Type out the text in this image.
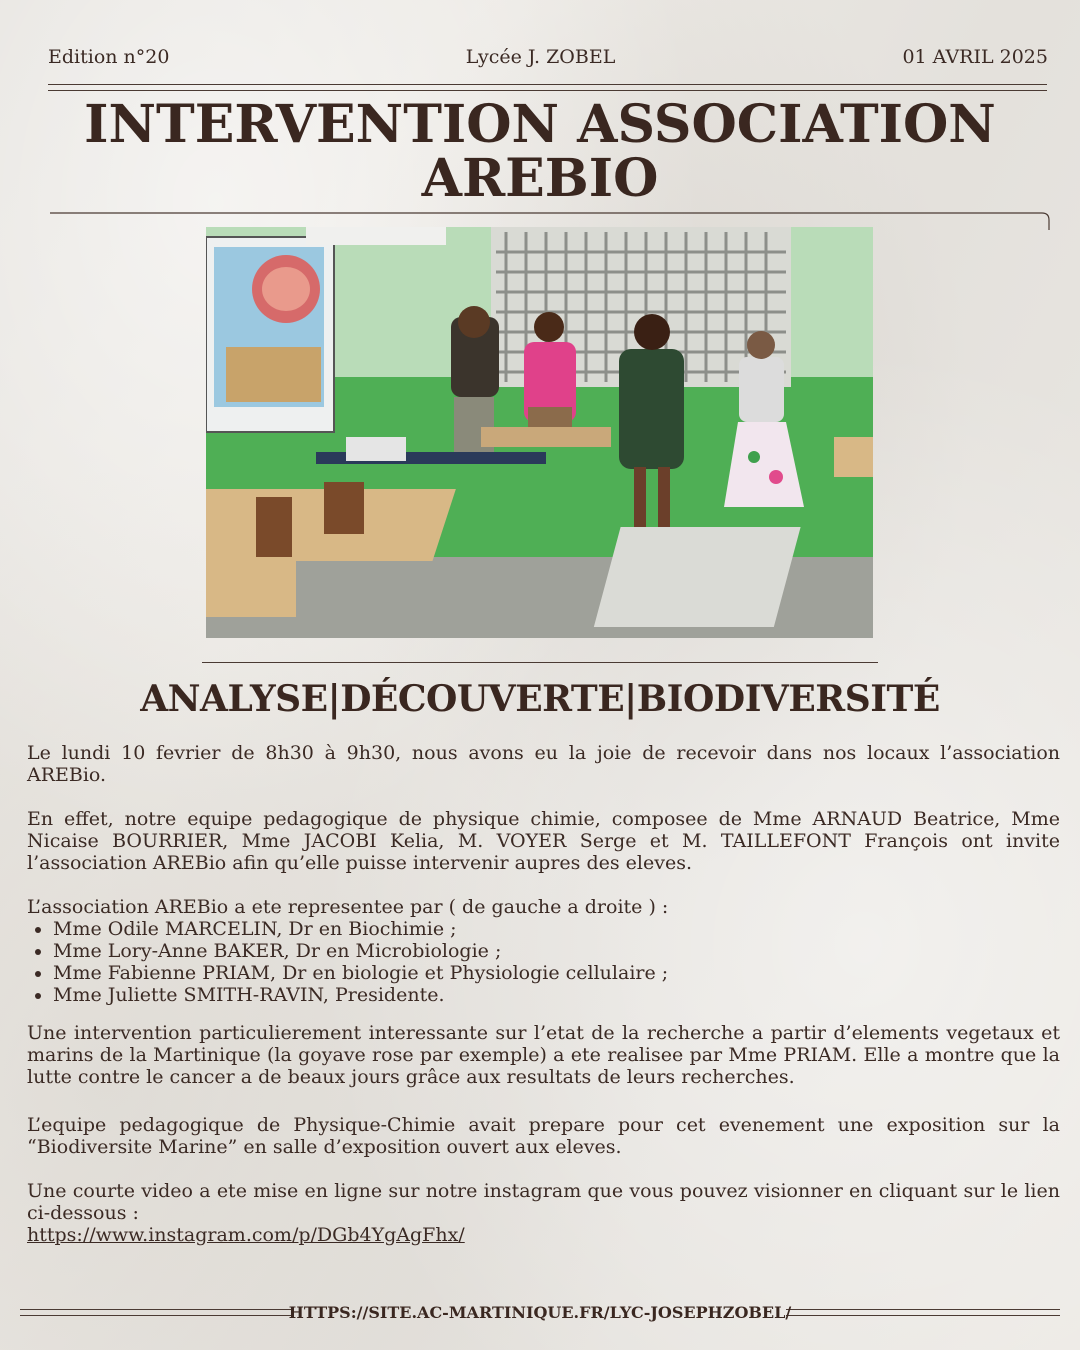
Edition n°20	Lycée J. ZOBEL	01 AVRIL 2025
INTERVENTION ASSOCIATION
AREBIO
ANALYSE|DÉCOUVERTE|BIODIVERSITÉ

Le lundi 10 fevrier de 8h30 à 9h30, nous avons eu la joie de recevoir dans nos locaux l’association AREBio.

En effet, notre equipe pedagogique de physique chimie, composee de Mme ARNAUD Beatrice, Mme Nicaise BOURRIER, Mme JACOBI Kelia, M. VOYER Serge et M. TAILLEFONT François ont invite l’association AREBio afin qu’elle puisse intervenir aupres des eleves.

L’association AREBio a ete representee par ( de gauche a droite ) :

• Mme Odile MARCELIN, Dr en Biochimie ;
• Mme Lory-Anne BAKER, Dr en Microbiologie ;
• Mme Fabienne PRIAM, Dr en biologie et Physiologie cellulaire ;
• Mme Juliette SMITH-RAVIN, Presidente.

Une intervention particulierement interessante sur l’etat de la recherche a partir d’elements vegetaux et marins de la Martinique (la goyave rose par exemple) a ete realisee par Mme PRIAM. Elle a montre que la lutte contre le cancer a de beaux jours grâce aux resultats de leurs recherches.

L’equipe pedagogique de Physique-Chimie avait prepare pour cet evenement une exposition sur la “Biodiversite Marine” en salle d’exposition ouvert aux eleves.

Une courte video a ete mise en ligne sur notre instagram que vous pouvez visionner en cliquant sur le lien ci-dessous :

https://www.instagram.com/p/DGb4YgAgFhx/
HTTPS://SITE.AC-MARTINIQUE.FR/LYC-JOSEPHZOBEL/
